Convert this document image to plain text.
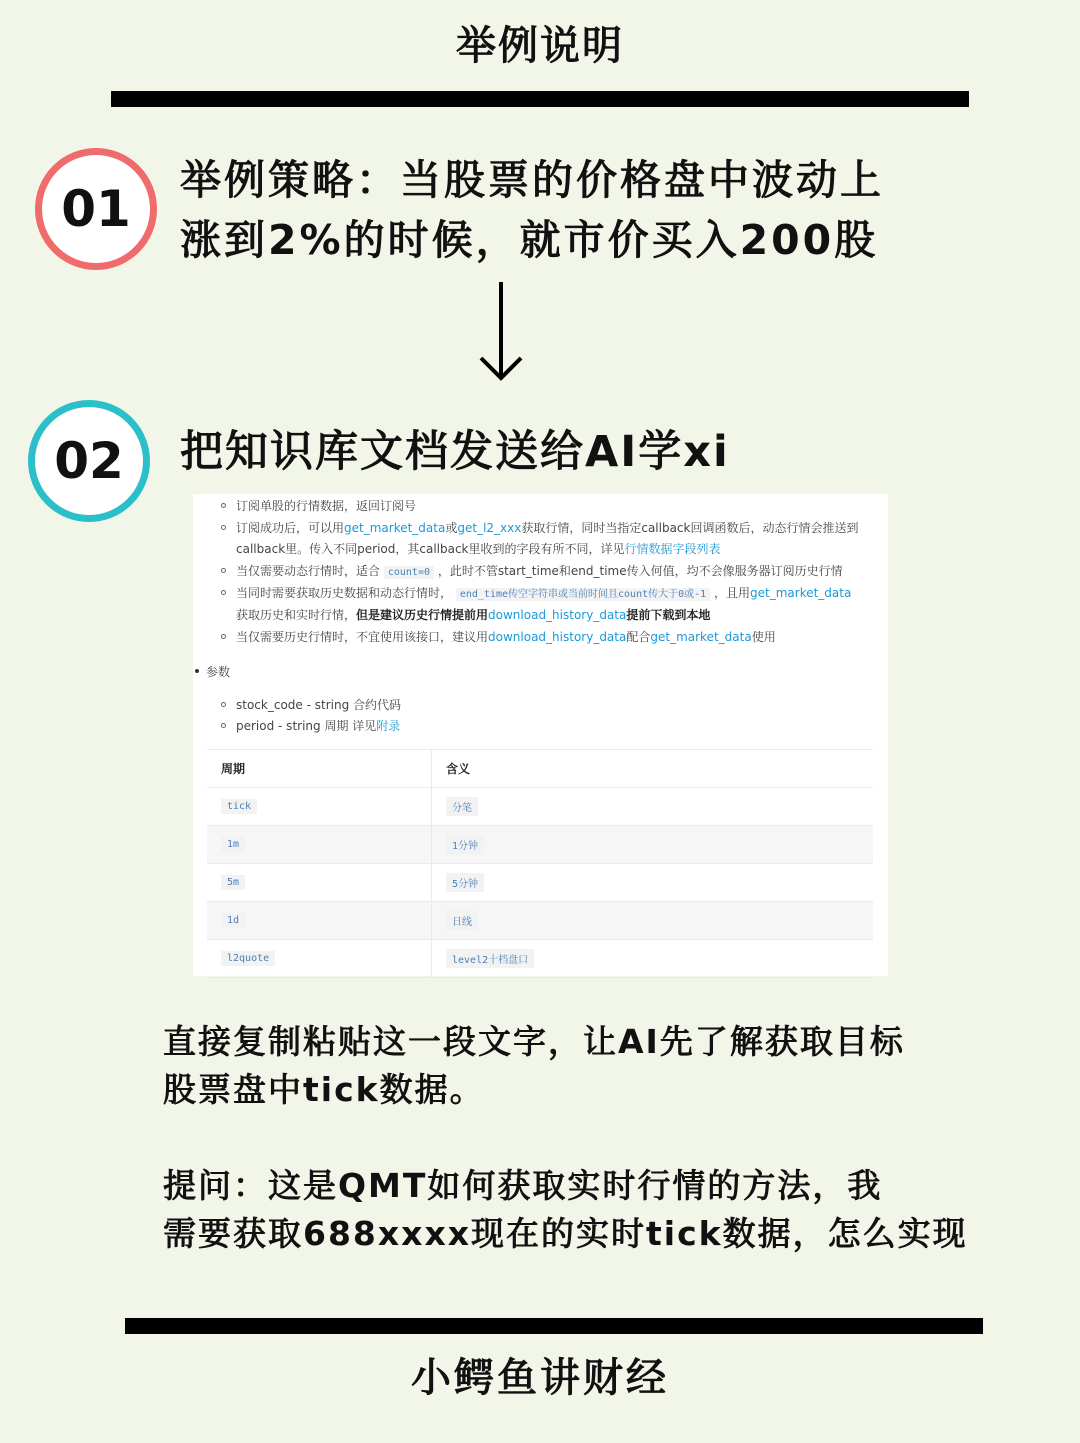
举例说明
01	举例策略：当股票的价格盘中波动上
涨到2%的时候，就市价买入200股
02	把知识库文档发送给AI学xi
订阅单股的行情数据，返回订阅号
订阅成功后，可以用get_market_data或get_l2_xxx获取行情，同时当指定callback回调函数后，动态行情会推送到
callback里。传入不同period，其callback里收到的字段有所不同，详见行情数据字段列表
当仅需要动态行情时，适合 count=0 ，此时不管start_time和end_time传入何值，均不会像服务器订阅历史行情
当同时需要获取历史数据和动态行情时， end_time传空字符串或当前时间且count传大于0或-1 ，且用get_market_data
获取历史和实时行情，但是建议历史行情提前用download_history_data提前下载到本地
当仅需要历史行情时，不宜使用该接口，建议用download_history_data配合get_market_data使用
参数
stock_code - string 合约代码
period - string 周期 详见附录
周期	含义
tick	分笔
1m	1分钟
5m	5分钟
1d	日线
l2quote	level2十档盘口
直接复制粘贴这一段文字，让AI先了解获取目标
股票盘中tick数据。
提问：这是QMT如何获取实时行情的方法，我
需要获取688xxxx现在的实时tick数据，怎么实现
小鳄鱼讲财经
